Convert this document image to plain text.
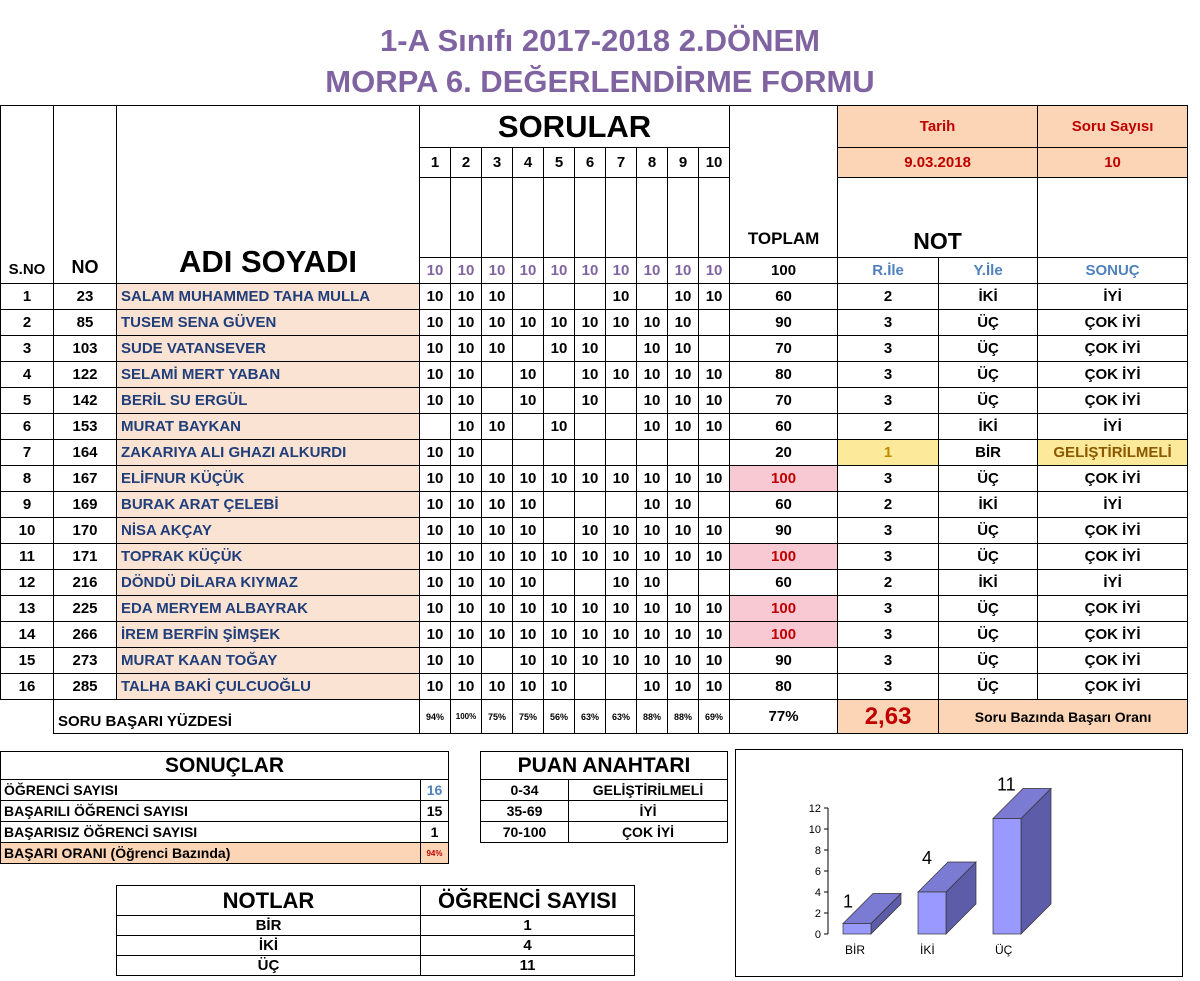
1-A Sınıfı 2017-2018 2.DÖNEM
MORPA 6. DEĞERLENDİRME FORMU
S.NO	NO	ADI SOYADI	SORULAR										TOPLAM	Tarih		Soru Sayısı
			1	2	3	4	5	6	7	8	9	10		9.03.2018		10
														NOT		
			10	10	10	10	10	10	10	10	10	10	100	R.İle	Y.İle	SONUÇ
1	23	SALAM MUHAMMED TAHA MULLA	10	10	10				10		10	10	60	2	İKİ	İYİ
2	85	TUSEM SENA GÜVEN	10	10	10	10	10	10	10	10	10		90	3	ÜÇ	ÇOK İYİ
3	103	SUDE VATANSEVER	10	10	10		10	10		10	10		70	3	ÜÇ	ÇOK İYİ
4	122	SELAMİ MERT YABAN	10	10		10		10	10	10	10	10	80	3	ÜÇ	ÇOK İYİ
5	142	BERİL SU ERGÜL	10	10		10		10		10	10	10	70	3	ÜÇ	ÇOK İYİ
6	153	MURAT BAYKAN		10	10		10			10	10	10	60	2	İKİ	İYİ
7	164	ZAKARIYA ALI GHAZI ALKURDI	10	10									20	1	BİR	GELİŞTİRİLMELİ
8	167	ELİFNUR KÜÇÜK	10	10	10	10	10	10	10	10	10	10	100	3	ÜÇ	ÇOK İYİ
9	169	BURAK ARAT ÇELEBİ	10	10	10	10				10	10		60	2	İKİ	İYİ
10	170	NİSA AKÇAY	10	10	10	10		10	10	10	10	10	90	3	ÜÇ	ÇOK İYİ
11	171	TOPRAK KÜÇÜK	10	10	10	10	10	10	10	10	10	10	100	3	ÜÇ	ÇOK İYİ
12	216	DÖNDÜ DİLARA KIYMAZ	10	10	10	10			10	10			60	2	İKİ	İYİ
13	225	EDA MERYEM ALBAYRAK	10	10	10	10	10	10	10	10	10	10	100	3	ÜÇ	ÇOK İYİ
14	266	İREM BERFİN ŞİMŞEK	10	10	10	10	10	10	10	10	10	10	100	3	ÜÇ	ÇOK İYİ
15	273	MURAT KAAN TOĞAY	10	10		10	10	10	10	10	10	10	90	3	ÜÇ	ÇOK İYİ
16	285	TALHA BAKİ ÇULCUOĞLU	10	10	10	10	10			10	10	10	80	3	ÜÇ	ÇOK İYİ
	SORU BAŞARI YÜZDESİ		94%	100%	75%	75%	56%	63%	63%	88%	88%	69%	77%	2,63	Soru Bazında Başarı Oranı	
SONUÇLAR	
ÖĞRENCİ SAYISI	16
BAŞARILI ÖĞRENCİ SAYISI	15
BAŞARISIZ ÖĞRENCİ SAYISI	1
BAŞARI ORANI (Öğrenci Bazında)	94%
PUAN ANAHTARI	
0-34	GELİŞTİRİLMELİ
35-69	İYİ
70-100	ÇOK İYİ
NOTLAR	ÖĞRENCİ SAYISI
BİR	1
İKİ	4
ÜÇ	11
0
2
4
6
8
10
12
1
BİR
4
İKİ
11
ÜÇ
